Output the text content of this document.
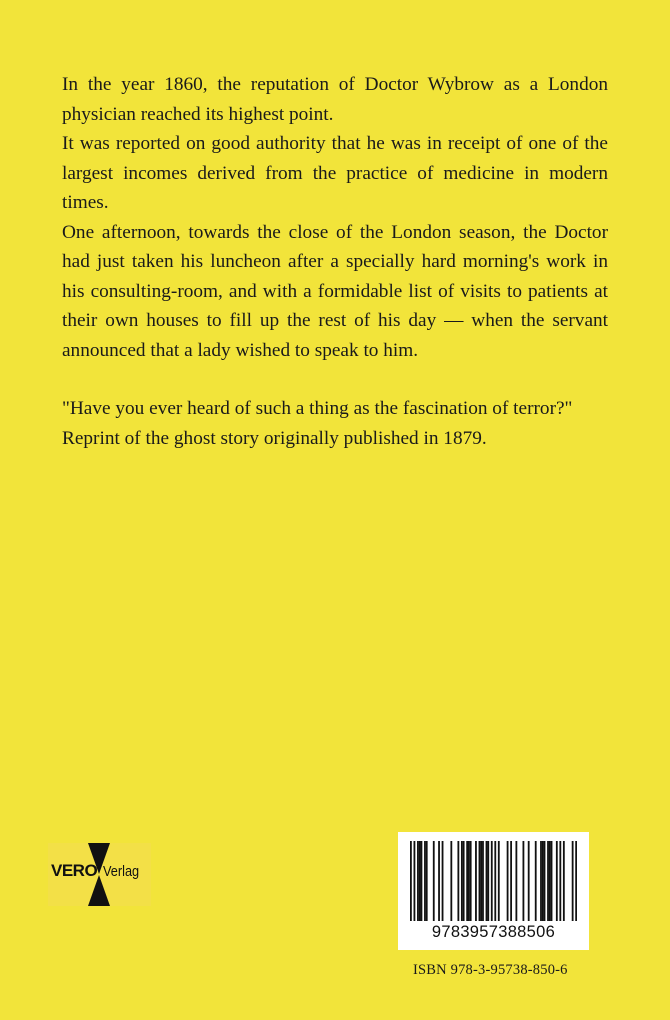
In the year 1860, the reputation of Doctor Wybrow as a London physician reached its highest point.

It was reported on good authority that he was in receipt of one of the largest incomes derived from the practice of medicine in modern times.

One afternoon, towards the close of the London season, the Doctor had just taken his luncheon after a specially hard morning's work in his consulting-room, and with a formidable list of visits to patients at their own houses to fill up the rest of his day — when the servant announced that a lady wished to speak to him.

"Have you ever heard of such a thing as the fascination of terror?"

Reprint of the ghost story originally published in 1879.

VERO Verlag
9783957388506
ISBN 978-3-95738-850-6
